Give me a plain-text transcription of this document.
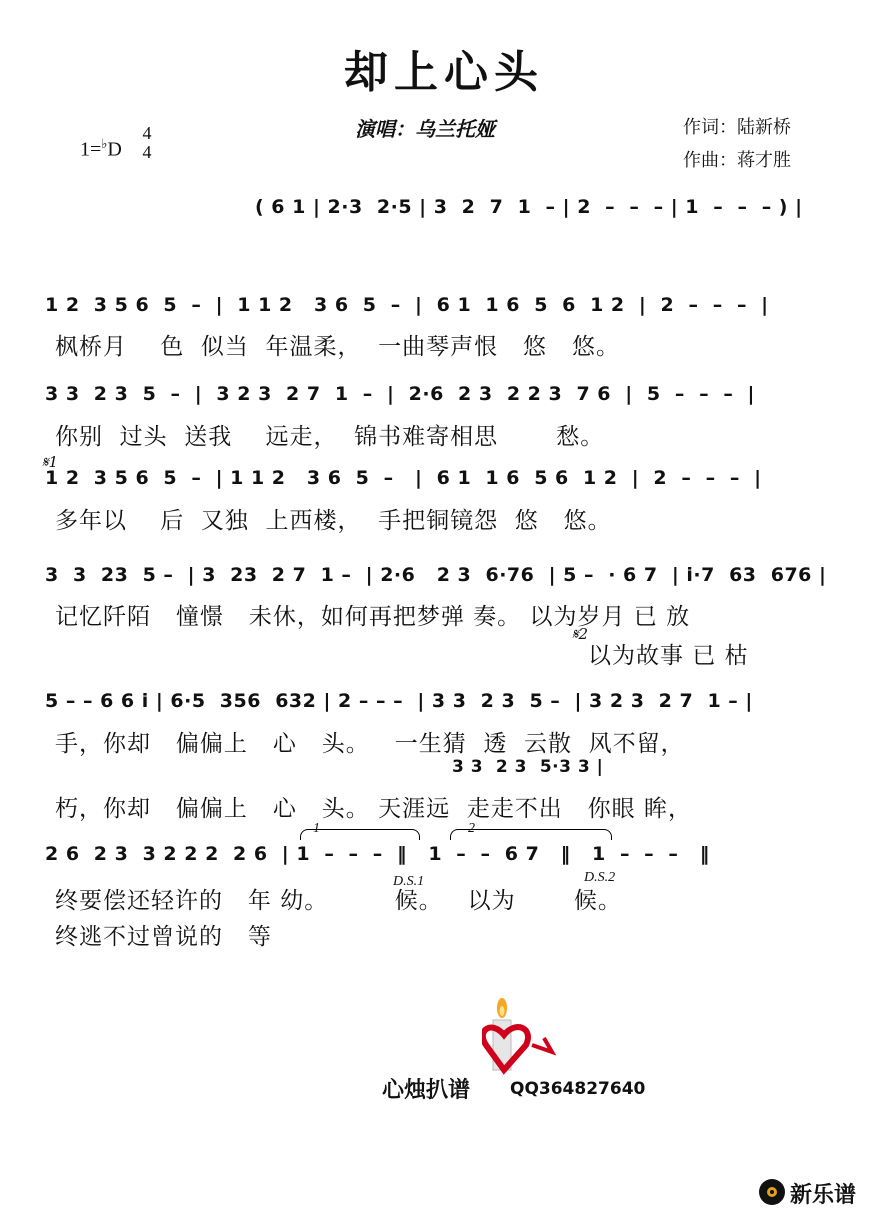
却上心头
演唱：乌兰托娅	作词：陆新桥
作曲：蒋才胜
1=♭D
4
4
( 6 1 | 2·3  2·5 | 3  2  7  1  – | 2  –  –  – | 1  –  –  – ) |
1 2  3 5 6  5  –  |  1 1 2   3 6  5  –  |  6 1  1 6  5  6  1 2  |  2  –  –  –  |
枫桥月    色  似当  年温柔，  一曲琴声恨   悠   悠。
3 3  2 3  5  –  |  3 2 3  2 7  1  –  |  2·6  2 3  2 2 3  7 6  |  5  –  –  –  |
你别  过头  送我    远走，  锦书难寄相思       愁。
𝄋1
1 2  3 5 6  5  –  | 1 1 2   3 6  5  –   |  6 1  1 6  5 6  1 2  |  2  –  –  –  |
多年以    后  又独  上西楼，  手把铜镜怨  悠   悠。
3  3  23  5 –  | 3  23  2 7  1 –  | 2·6   2 3  6·76  | 5 –  · 6 7  | i·7  63  676 |
记忆阡陌   憧憬   未休，如何再把梦弹 奏。 以为岁月 已 放
𝄋2
以为故事 已 枯
5 – – 6 6 i | 6·5  356  632 | 2 – – –  | 3 3  2 3  5 –  | 3 2 3  2 7  1 – |
手，你却   偏偏上   心   头。   一生猜  透  云散  风不留，
3 3  2 3  5·3 3 |
朽，你却   偏偏上   心   头。 天涯远  走走不出   你眼 眸，
1	2
2 6  2 3  3 2 2 2  2 6  | 1  –  –  –  ‖   1  –  –  6 7   ‖   1  –  –  –   ‖
D.S.1	D.S.2
终要偿还轻许的   年 幼。        候。   以为       候。
终逃不过曾说的   等
心烛扒谱 QQ364827640
新乐谱
